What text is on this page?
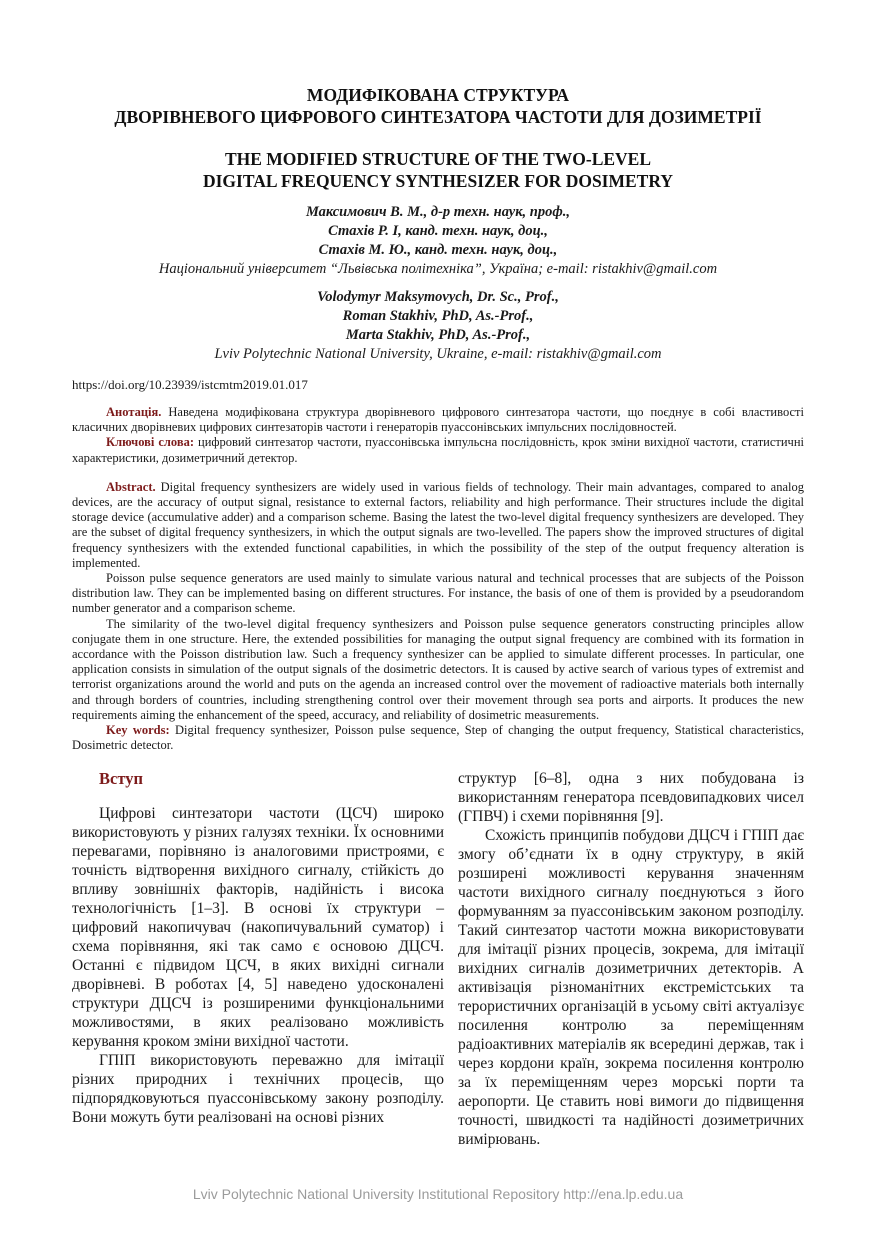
МОДИФІКОВАНА СТРУКТУРА
ДВОРІВНЕВОГО ЦИФРОВОГО СИНТЕЗАТОРА ЧАСТОТИ ДЛЯ ДОЗИМЕТРІЇ
THE MODIFIED STRUCTURE OF THE TWO-LEVEL
DIGITAL FREQUENCY SYNTHESIZER FOR DOSIMETRY
Максимович В. М., д-р техн. наук, проф.,
Стахів Р. І, канд. техн. наук, доц.,
Стахів М. Ю., канд. техн. наук, доц.,
Національний університет “Львівська політехніка”, Україна; e-mail: ristakhiv@gmail.com
Volodymyr Maksymovych, Dr. Sc., Prof.,
Roman Stakhiv, PhD, As.-Prof.,
Marta Stakhiv, PhD, As.-Prof.,
Lviv Polytechnic National University, Ukraine, e-mail: ristakhiv@gmail.com
https://doi.org/10.23939/istcmtm2019.01.017

Анотація. Наведена модифікована структура дворівневого цифрового синтезатора частоти, що поєднує в собі властивості класичних дворівневих цифрових синтезаторів частоти і генераторів пуассонівських імпульсних послідовностей.

Ключові слова: цифровий синтезатор частоти, пуассонівська імпульсна послідовність, крок зміни вихідної частоти, статистичні характеристики, дозиметричний детектор.

Abstract. Digital frequency synthesizers are widely used in various fields of technology. Their main advantages, compared to analog devices, are the accuracy of output signal, resistance to external factors, reliability and high performance. Their structures include the digital storage device (accumulative adder) and a comparison scheme. Basing the latest the two-level digital frequency synthesizers are developed. They are the subset of digital frequency synthesizers, in which the output signals are two-levelled. The papers show the improved structures of digital frequency synthesizers with the extended functional capabilities, in which the possibility of the step of the output frequency alteration is implemented.

Poisson pulse sequence generators are used mainly to simulate various natural and technical processes that are subjects of the Poisson distribution law. They can be implemented basing on different structures. For instance, the basis of one of them is provided by a pseudorandom number generator and a comparison scheme.

The similarity of the two-level digital frequency synthesizers and Poisson pulse sequence generators constructing principles allow conjugate them in one structure. Here, the extended possibilities for managing the output signal frequency are combined with its formation in accordance with the Poisson distribution law. Such a frequency synthesizer can be applied to simulate different processes. In particular, one application consists in simulation of the output signals of the dosimetric detectors. It is caused by active search of various types of extremist and terrorist organizations around the world and puts on the agenda an increased control over the movement of radioactive materials both internally and through borders of countries, including strengthening control over their movement through sea ports and airports. It produces the new requirements aiming the enhancement of the speed, accuracy, and reliability of dosimetric measurements.

Key words: Digital frequency synthesizer, Poisson pulse sequence, Step of changing the output frequency, Statistical characteristics, Dosimetric detector.

Вступ

Цифрові синтезатори частоти (ЦСЧ) широко використовують у різних галузях техніки. Їх основними перевагами, порівняно із аналоговими пристроями, є точність відтворення вихідного сигналу, стійкість до впливу зовнішніх факторів, надійність і висока технологічність [1–3]. В основі їх структури – цифровий накопичувач (накопичувальний суматор) і схема порівняння, які так само є основою ДЦСЧ. Останні є підвидом ЦСЧ, в яких вихідні сигнали дворівневі. В роботах [4, 5] наведено удосконалені структури ДЦСЧ із розширеними функціональними можливостями, в яких реалізовано можливість керування кроком зміни вихідної частоти.

ГПІП використовують переважно для імітації різних природних і технічних процесів, що підпорядковуються пуассонівському закону розподілу. Вони можуть бути реалізовані на основі різних

структур [6–8], одна з них побудована із використанням генератора псевдовипадкових чисел (ГПВЧ) і схеми порівняння [9].

Схожість принципів побудови ДЦСЧ і ГПІП дає змогу об’єднати їх в одну структуру, в якій розширені можливості керування значенням частоти вихідного сигналу поєднуються з його формуванням за пуассонівським законом розподілу. Такий синтезатор частоти можна використовувати для імітації різних процесів, зокрема, для імітації вихідних сигналів дозиметричних детекторів. А активізація різноманітних екстремістських та терористичних організацій в усьому світі актуалізує посилення контролю за переміщенням радіоактивних матеріалів як всередині держав, так і через кордони країн, зокрема посилення контролю за їх переміщенням через морські порти та аеропорти. Це ставить нові вимоги до підвищення точності, швидкості та надійності дозиметричних вимірювань.

Lviv Polytechnic National University Institutional Repository http://ena.lp.edu.ua
